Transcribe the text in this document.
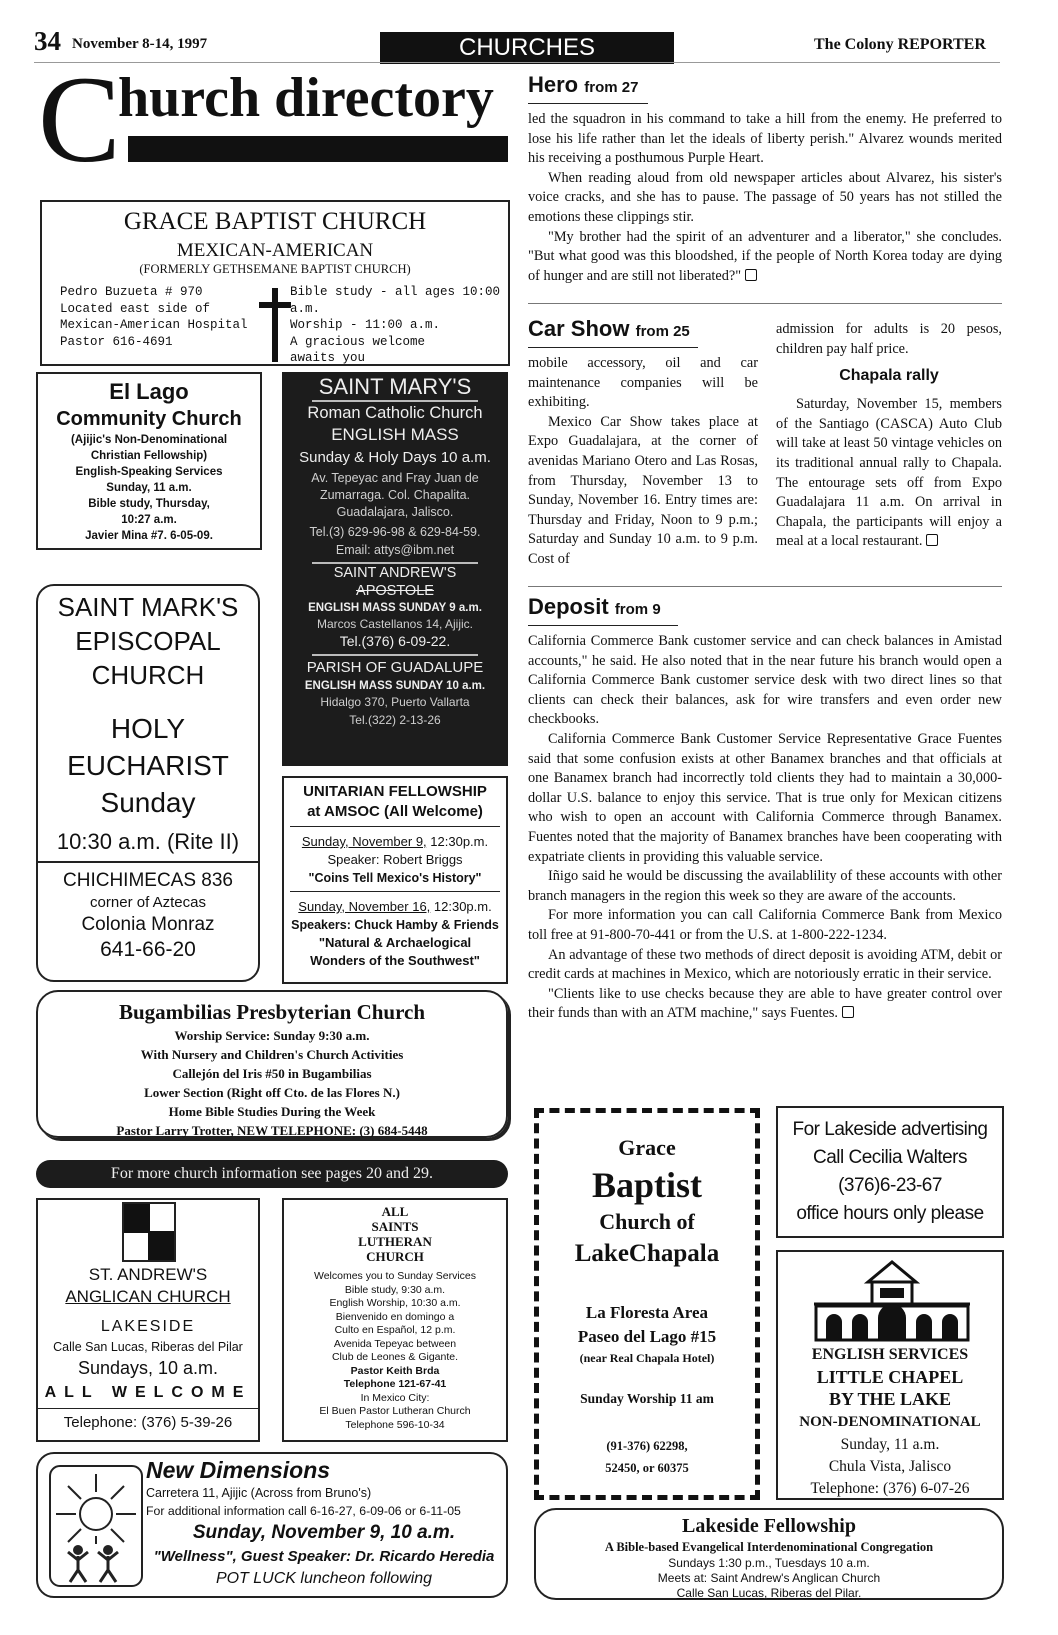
34 November 8-14, 1997	CHURCHES	The Colony REPORTER
C
hurch directory
GRACE BAPTIST CHURCH
MEXICAN-AMERICAN
(FORMERLY GETHSEMANE BAPTIST CHURCH)
Pedro Buzueta # 970
Located east side of
Mexican-American Hospital
Pastor 616-4691
Bible study - all ages 10:00 a.m.
Worship - 11:00 a.m.
A gracious welcome
awaits you
El Lago
Community Church
(Ajijic's Non-Denominational
Christian Fellowship)
English-Speaking Services
Sunday, 11 a.m.
Bible study, Thursday,
10:27 a.m.
Javier Mina #7. 6-05-09.
SAINT MARY'S
Roman Catholic Church
ENGLISH MASS
Sunday & Holy Days 10 a.m.
Av. Tepeyac and Fray Juan de
Zumarraga. Col. Chapalita.
Guadalajara, Jalisco.
Tel.(3) 629-96-98 & 629-84-59.
Email: attys@ibm.net
SAINT ANDREW'S
APOSTOLE
ENGLISH MASS SUNDAY 9 a.m.
Marcos Castellanos 14, Ajijic.
Tel.(376) 6-09-22.
PARISH OF GUADALUPE
ENGLISH MASS SUNDAY 10 a.m.
Hidalgo 370, Puerto Vallarta
Tel.(322) 2-13-26
SAINT MARK'S
EPISCOPAL
CHURCH
HOLY
EUCHARIST
Sunday
10:30 a.m. (Rite II)
CHICHIMECAS 836
corner of Aztecas
Colonia Monraz
641-66-20
UNITARIAN FELLOWSHIP
at AMSOC (All Welcome)
Sunday, November 9, 12:30p.m.
Speaker: Robert Briggs
"Coins Tell Mexico's History"
Sunday, November 16, 12:30p.m.
Speakers: Chuck Hamby & Friends
"Natural & Archaelogical
Wonders of the Southwest"
Bugambilias Presbyterian Church
Worship Service: Sunday 9:30 a.m.
With Nursery and Children's Church Activities
Callejón del Iris #50 in Bugambilias
Lower Section (Right off Cto. de las Flores N.)
Home Bible Studies During the Week
Pastor Larry Trotter, NEW TELEPHONE: (3) 684-5448
For more church information see pages 20 and 29.
ST. ANDREW'S
ANGLICAN CHURCH
LAKESIDE
Calle San Lucas, Riberas del Pilar
Sundays, 10 a.m.
ALL WELCOME
Telephone: (376) 5-39-26
ALL
SAINTS
LUTHERAN
CHURCH
Welcomes you to Sunday Services
Bible study, 9:30 a.m.
English Worship, 10:30 a.m.
Bienvenido en domingo a
Culto en Español, 12 p.m.
Avenida Tepeyac between
Club de Leones & Gigante.
Pastor Keith Brda
Telephone 121-67-41
In Mexico City:
El Buen Pastor Lutheran Church
Telephone 596-10-34
New Dimensions
Carretera 11, Ajijic (Across from Bruno's)
For additional information call 6-16-27, 6-09-06 or 6-11-05
Sunday, November 9, 10 a.m.
"Wellness", Guest Speaker: Dr. Ricardo Heredia
POT LUCK luncheon following
Hero from 27

led the squadron in his command to take a hill from the enemy. He preferred to lose his life rather than let the ideals of liberty perish." Alvarez wounds merited his receiving a posthumous Purple Heart.

When reading aloud from old newspaper articles about Alvarez, his sister's voice cracks, and she has to pause. The passage of 50 years has not stilled the emotions these clippings stir.

"My brother had the spirit of an adventurer and a liberator," she concludes. "But what good was this bloodshed, if the people of North Korea today are dying of hunger and are still not liberated?"

Car Show from 25

mobile accessory, oil and car maintenance companies will be exhibiting.

Mexico Car Show takes place at Expo Guadalajara, at the corner of avenidas Mariano Otero and Las Rosas, from Thursday, November 13 to Sunday, November 16. Entry times are: Thursday and Friday, Noon to 9 p.m.; Saturday and Sunday 10 a.m. to 9 p.m. Cost of

admission for adults is 20 pesos, children pay half price.

Chapala rally

Saturday, November 15, members of the Santiago (CASCA) Auto Club will take at least 50 vintage vehicles on its traditional annual rally to Chapala. The entourage sets off from Expo Guadalajara 11 a.m. On arrival in Chapala, the participants will enjoy a meal at a local restaurant.

Deposit from 9

California Commerce Bank customer service and can check balances in Amistad accounts," he said. He also noted that in the near future his branch would open a California Commerce Bank customer service desk with two direct lines so that clients can check their balances, ask for wire transfers and even order new checkbooks.

California Commerce Bank Customer Service Representative Grace Fuentes said that some confusion exists at other Banamex branches and that officials at one Banamex branch had incorrectly told clients they had to maintain a 30,000-dollar U.S. balance to enjoy this service. That is true only for Mexican citizens who wish to open an account with California Commerce through Banamex. Fuentes noted that the majority of Banamex branches have been cooperating with expatriate clients in providing this valuable service.

Iñigo said he would be discussing the availablility of these accounts with other branch managers in the region this week so they are aware of the accounts.

For more information you can call California Commerce Bank from Mexico toll free at 91-800-70-441 or from the U.S. at 1-800-222-1234.

An advantage of these two methods of direct deposit is avoiding ATM, debit or credit cards at machines in Mexico, which are notoriously erratic in their service.

"Clients like to use checks because they are able to have greater control over their funds than with an ATM machine," says Fuentes.

Grace
Baptist
Church of
LakeChapala
La Floresta Area
Paseo del Lago #15
(near Real Chapala Hotel)
Sunday Worship 11 am
(91-376) 62298,
52450, or 60375
For Lakeside advertising
Call Cecilia Walters
(376)6-23-67
office hours only please
ENGLISH SERVICES
LITTLE CHAPEL
BY THE LAKE
NON-DENOMINATIONAL
Sunday, 11 a.m.
Chula Vista, Jalisco
Telephone: (376) 6-07-26
Lakeside Fellowship
A Bible-based Evangelical Interdenominational Congregation
Sundays 1:30 p.m., Tuesdays 10 a.m.
Meets at: Saint Andrew's Anglican Church
Calle San Lucas, Riberas del Pilar.
